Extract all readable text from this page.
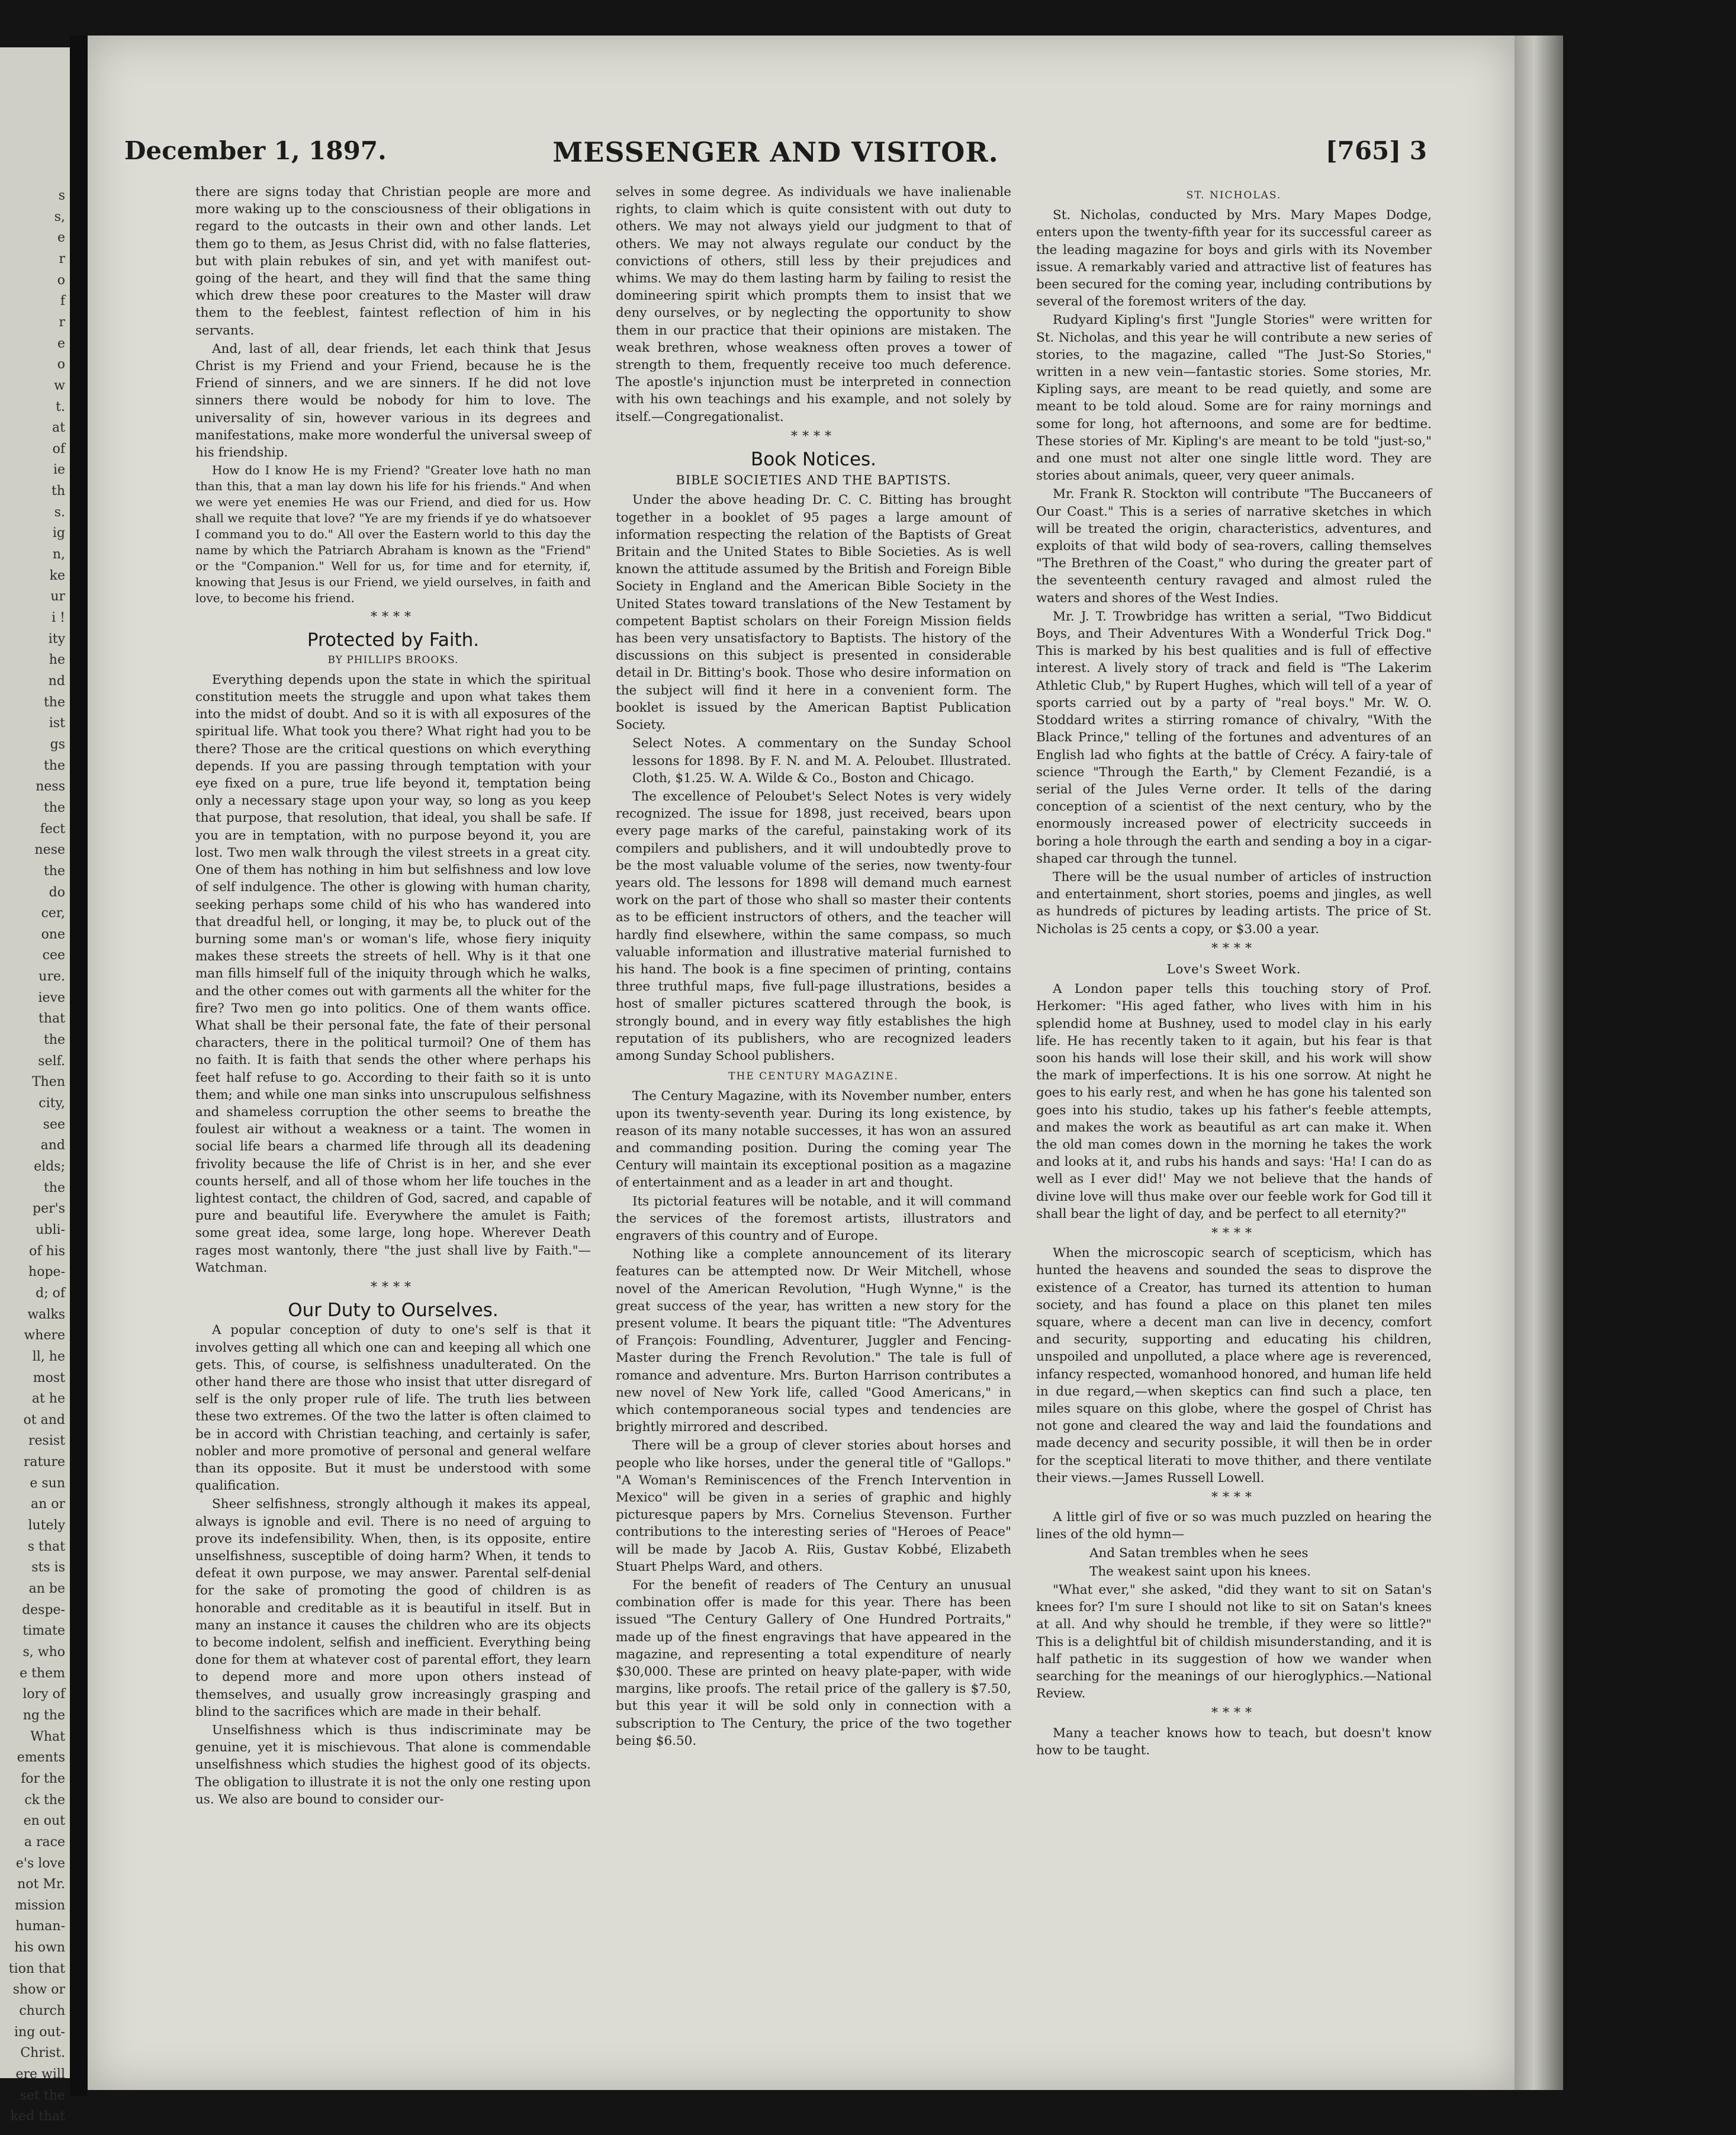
s
s,
e
r
o
f
r
e
o
w
t.
at
of
ie
th
s.
ig
n,
ke
ur
i !
ity
he
nd
the
ist
gs
the
ness
the
fect
nese
the
do
cer,
one
cee
ure.
ieve
that
the
self.
Then
city,
see
and
elds;
the
per's
ubli-
of his
hope-
d; of
walks
where
ll, he
most
at he
ot and
resist
rature
e sun
an or
lutely
s that
sts is
an be
despe-
timate
s, who
e them
lory of
ng the
What
ements
for the
ck the
en out
a race
e's love
not Mr.
mission
human-
his own
tion that
show or
church
ing out-
Christ.
ere will
set the
ked that
December 1, 1897.	MESSENGER AND VISITOR.	[765] 3

there are signs today that Christian people are more and more waking up to the consciousness of their obligations in regard to the outcasts in their own and other lands. Let them go to them, as Jesus Christ did, with no false flatteries, but with plain rebukes of sin, and yet with manifest out-going of the heart, and they will find that the same thing which drew these poor creatures to the Master will draw them to the feeblest, faintest reflection of him in his servants.

And, last of all, dear friends, let each think that Jesus Christ is my Friend and your Friend, because he is the Friend of sinners, and we are sinners. If he did not love sinners there would be nobody for him to love. The universality of sin, however various in its degrees and manifestations, make more wonderful the universal sweep of his friendship.

How do I know He is my Friend? "Greater love hath no man than this, that a man lay down his life for his friends." And when we were yet enemies He was our Friend, and died for us. How shall we requite that love? "Ye are my friends if ye do whatsoever I command you to do." All over the Eastern world to this day the name by which the Patriarch Abraham is known as the "Friend" or the "Companion." Well for us, for time and for eternity, if, knowing that Jesus is our Friend, we yield ourselves, in faith and love, to become his friend.

****
Protected by Faith.
BY PHILLIPS BROOKS.

Everything depends upon the state in which the spiritual constitution meets the struggle and upon what takes them into the midst of doubt. And so it is with all exposures of the spiritual life. What took you there? What right had you to be there? Those are the critical questions on which everything depends. If you are passing through temptation with your eye fixed on a pure, true life beyond it, temptation being only a necessary stage upon your way, so long as you keep that purpose, that resolution, that ideal, you shall be safe. If you are in temptation, with no purpose beyond it, you are lost. Two men walk through the vilest streets in a great city. One of them has nothing in him but selfishness and low love of self indulgence. The other is glowing with human charity, seeking perhaps some child of his who has wandered into that dreadful hell, or longing, it may be, to pluck out of the burning some man's or woman's life, whose fiery iniquity makes these streets the streets of hell. Why is it that one man fills himself full of the iniquity through which he walks, and the other comes out with garments all the whiter for the fire? Two men go into politics. One of them wants office. What shall be their personal fate, the fate of their personal characters, there in the political turmoil? One of them has no faith. It is faith that sends the other where perhaps his feet half refuse to go. According to their faith so it is unto them; and while one man sinks into unscrupulous selfishness and shameless corruption the other seems to breathe the foulest air without a weakness or a taint. The women in social life bears a charmed life through all its deadening frivolity because the life of Christ is in her, and she ever counts herself, and all of those whom her life touches in the lightest contact, the children of God, sacred, and capable of pure and beautiful life. Everywhere the amulet is Faith; some great idea, some large, long hope. Wherever Death rages most wantonly, there "the just shall live by Faith."—Watchman.

****
Our Duty to Ourselves.

A popular conception of duty to one's self is that it involves getting all which one can and keeping all which one gets. This, of course, is selfishness unadulterated. On the other hand there are those who insist that utter disregard of self is the only proper rule of life. The truth lies between these two extremes. Of the two the latter is often claimed to be in accord with Christian teaching, and certainly is safer, nobler and more promotive of personal and general welfare than its opposite. But it must be understood with some qualification.

Sheer selfishness, strongly although it makes its appeal, always is ignoble and evil. There is no need of arguing to prove its indefensibility. When, then, is its opposite, entire unselfishness, susceptible of doing harm? When, it tends to defeat it own purpose, we may answer. Parental self-denial for the sake of promoting the good of children is as honorable and creditable as it is beautiful in itself. But in many an instance it causes the children who are its objects to become indolent, selfish and inefficient. Everything being done for them at whatever cost of parental effort, they learn to depend more and more upon others instead of themselves, and usually grow increasingly grasping and blind to the sacrifices which are made in their behalf.

Unselfishness which is thus indiscriminate may be genuine, yet it is mischievous. That alone is commendable unselfishness which studies the highest good of its objects. The obligation to illustrate it is not the only one resting upon us. We also are bound to consider our-

selves in some degree. As individuals we have inalienable rights, to claim which is quite consistent with out duty to others. We may not always yield our judgment to that of others. We may not always regulate our conduct by the convictions of others, still less by their prejudices and whims. We may do them lasting harm by failing to resist the domineering spirit which prompts them to insist that we deny ourselves, or by neglecting the opportunity to show them in our practice that their opinions are mistaken. The weak brethren, whose weakness often proves a tower of strength to them, frequently receive too much deference. The apostle's injunction must be interpreted in connection with his own teachings and his example, and not solely by itself.—Congregationalist.

****
Book Notices.
BIBLE SOCIETIES AND THE BAPTISTS.

Under the above heading Dr. C. C. Bitting has brought together in a booklet of 95 pages a large amount of information respecting the relation of the Baptists of Great Britain and the United States to Bible Societies. As is well known the attitude assumed by the British and Foreign Bible Society in England and the American Bible Society in the United States toward translations of the New Testament by competent Baptist scholars on their Foreign Mission fields has been very unsatisfactory to Baptists. The history of the discussions on this subject is presented in considerable detail in Dr. Bitting's book. Those who desire information on the subject will find it here in a convenient form. The booklet is issued by the American Baptist Publication Society.

Select Notes. A commentary on the Sunday School lessons for 1898. By F. N. and M. A. Peloubet. Illustrated. Cloth, $1.25. W. A. Wilde & Co., Boston and Chicago.

The excellence of Peloubet's Select Notes is very widely recognized. The issue for 1898, just received, bears upon every page marks of the careful, painstaking work of its compilers and publishers, and it will undoubtedly prove to be the most valuable volume of the series, now twenty-four years old. The lessons for 1898 will demand much earnest work on the part of those who shall so master their contents as to be efficient instructors of others, and the teacher will hardly find elsewhere, within the same compass, so much valuable information and illustrative material furnished to his hand. The book is a fine specimen of printing, contains three truthful maps, five full-page illustrations, besides a host of smaller pictures scattered through the book, is strongly bound, and in every way fitly establishes the high reputation of its publishers, who are recognized leaders among Sunday School publishers.

THE CENTURY MAGAZINE.

The Century Magazine, with its November number, enters upon its twenty-seventh year. During its long existence, by reason of its many notable successes, it has won an assured and commanding position. During the coming year The Century will maintain its exceptional position as a magazine of entertainment and as a leader in art and thought.

Its pictorial features will be notable, and it will command the services of the foremost artists, illustrators and engravers of this country and of Europe.

Nothing like a complete announcement of its literary features can be attempted now. Dr Weir Mitchell, whose novel of the American Revolution, "Hugh Wynne," is the great success of the year, has written a new story for the present volume. It bears the piquant title: "The Adventures of François: Foundling, Adventurer, Juggler and Fencing-Master during the French Revolution." The tale is full of romance and adventure. Mrs. Burton Harrison contributes a new novel of New York life, called "Good Americans," in which contemporaneous social types and tendencies are brightly mirrored and described.

There will be a group of clever stories about horses and people who like horses, under the general title of "Gallops." "A Woman's Reminiscences of the French Intervention in Mexico" will be given in a series of graphic and highly picturesque papers by Mrs. Cornelius Stevenson. Further contributions to the interesting series of "Heroes of Peace" will be made by Jacob A. Riis, Gustav Kobbé, Elizabeth Stuart Phelps Ward, and others.

For the benefit of readers of The Century an unusual combination offer is made for this year. There has been issued "The Century Gallery of One Hundred Portraits," made up of the finest engravings that have appeared in the magazine, and representing a total expenditure of nearly $30,000. These are printed on heavy plate-paper, with wide margins, like proofs. The retail price of the gallery is $7.50, but this year it will be sold only in connection with a subscription to The Century, the price of the two together being $6.50.

ST. NICHOLAS.

St. Nicholas, conducted by Mrs. Mary Mapes Dodge, enters upon the twenty-fifth year for its successful career as the leading magazine for boys and girls with its November issue. A remarkably varied and attractive list of features has been secured for the coming year, including contributions by several of the foremost writers of the day.

Rudyard Kipling's first "Jungle Stories" were written for St. Nicholas, and this year he will contribute a new series of stories, to the magazine, called "The Just-So Stories," written in a new vein—fantastic stories. Some stories, Mr. Kipling says, are meant to be read quietly, and some are meant to be told aloud. Some are for rainy mornings and some for long, hot afternoons, and some are for bedtime. These stories of Mr. Kipling's are meant to be told "just-so," and one must not alter one single little word. They are stories about animals, queer, very queer animals.

Mr. Frank R. Stockton will contribute "The Buccaneers of Our Coast." This is a series of narrative sketches in which will be treated the origin, characteristics, adventures, and exploits of that wild body of sea-rovers, calling themselves "The Brethren of the Coast," who during the greater part of the seventeenth century ravaged and almost ruled the waters and shores of the West Indies.

Mr. J. T. Trowbridge has written a serial, "Two Biddicut Boys, and Their Adventures With a Wonderful Trick Dog." This is marked by his best qualities and is full of effective interest. A lively story of track and field is "The Lakerim Athletic Club," by Rupert Hughes, which will tell of a year of sports carried out by a party of "real boys." Mr. W. O. Stoddard writes a stirring romance of chivalry, "With the Black Prince," telling of the fortunes and adventures of an English lad who fights at the battle of Crécy. A fairy-tale of science "Through the Earth," by Clement Fezandié, is a serial of the Jules Verne order. It tells of the daring conception of a scientist of the next century, who by the enormously increased power of electricity succeeds in boring a hole through the earth and sending a boy in a cigar-shaped car through the tunnel.

There will be the usual number of articles of instruction and entertainment, short stories, poems and jingles, as well as hundreds of pictures by leading artists. The price of St. Nicholas is 25 cents a copy, or $3.00 a year.

****
Love's Sweet Work.

A London paper tells this touching story of Prof. Herkomer: "His aged father, who lives with him in his splendid home at Bushney, used to model clay in his early life. He has recently taken to it again, but his fear is that soon his hands will lose their skill, and his work will show the mark of imperfections. It is his one sorrow. At night he goes to his early rest, and when he has gone his talented son goes into his studio, takes up his father's feeble attempts, and makes the work as beautiful as art can make it. When the old man comes down in the morning he takes the work and looks at it, and rubs his hands and says: 'Ha! I can do as well as I ever did!' May we not believe that the hands of divine love will thus make over our feeble work for God till it shall bear the light of day, and be perfect to all eternity?"

****

When the microscopic search of scepticism, which has hunted the heavens and sounded the seas to disprove the existence of a Creator, has turned its attention to human society, and has found a place on this planet ten miles square, where a decent man can live in decency, comfort and security, supporting and educating his children, unspoiled and unpolluted, a place where age is reverenced, infancy respected, womanhood honored, and human life held in due regard,—when skeptics can find such a place, ten miles square on this globe, where the gospel of Christ has not gone and cleared the way and laid the foundations and made decency and security possible, it will then be in order for the sceptical literati to move thither, and there ventilate their views.—James Russell Lowell.

****

A little girl of five or so was much puzzled on hearing the lines of the old hymn—

And Satan trembles when he sees

The weakest saint upon his knees.

"What ever," she asked, "did they want to sit on Satan's knees for? I'm sure I should not like to sit on Satan's knees at all. And why should he tremble, if they were so little?" This is a delightful bit of childish misunderstanding, and it is half pathetic in its suggestion of how we wander when searching for the meanings of our hieroglyphics.—National Review.

****

Many a teacher knows how to teach, but doesn't know how to be taught.
